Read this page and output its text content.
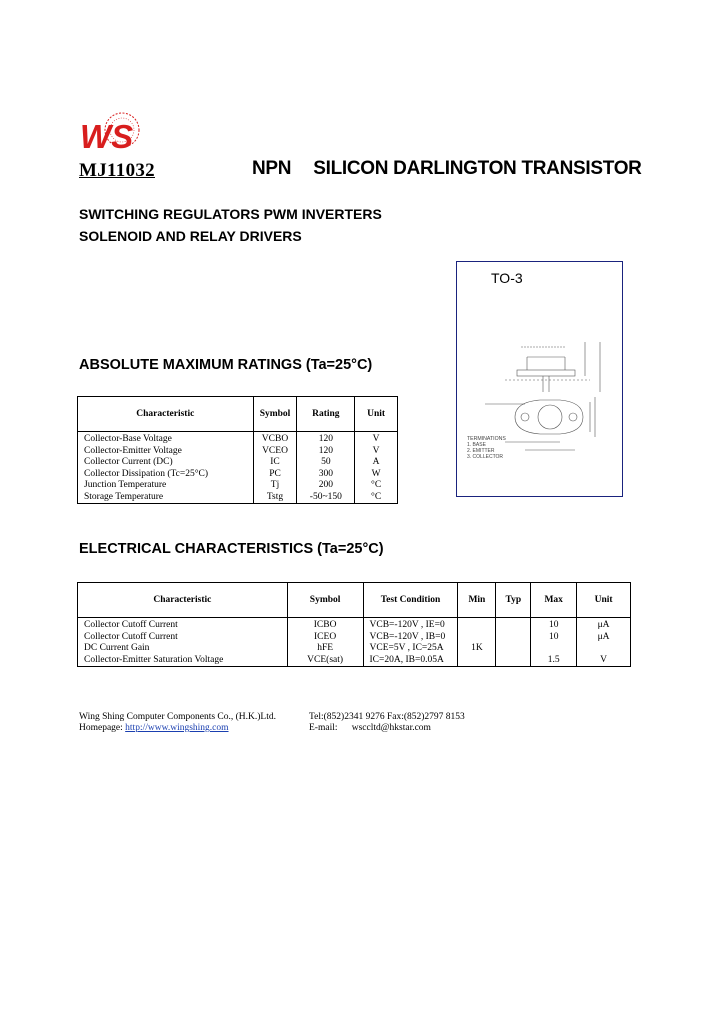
WS
MJ11032	NPN SILICON DARLINGTON TRANSISTOR
SWITCHING REGULATORS PWM INVERTERS
SOLENOID AND RELAY DRIVERS
TO-3
TERMINATIONS
1. BASE
2. EMITTER
3. COLLECTOR
ABSOLUTE MAXIMUM RATINGS (Ta=25°C)
Characteristic	Symbol	Rating	Unit
Collector-Base Voltage	VCBO	120	V
Collector-Emitter Voltage	VCEO	120	V
Collector Current (DC)	IC	50	A
Collector Dissipation (Tc=25°C)	PC	300	W
Junction Temperature	Tj	200	°C
Storage Temperature	Tstg	-50~150	°C
ELECTRICAL CHARACTERISTICS (Ta=25°C)
Characteristic	Symbol	Test Condition	Min	Typ	Max	Unit
Collector Cutoff Current	ICBO	VCB=-120V , IE=0			10	μA
Collector Cutoff Current	ICEO	VCB=-120V , IB=0			10	μA
DC Current Gain	hFE	VCE=5V , IC=25A	1K			
Collector-Emitter Saturation Voltage	VCE(sat)	IC=20A, IB=0.05A			1.5	V
Wing Shing Computer Components Co., (H.K.)Ltd.	Tel:(852)2341 9276 Fax:(852)2797 8153
Homepage: http://www.wingshing.com	E-mail: wsccltd@hkstar.com
